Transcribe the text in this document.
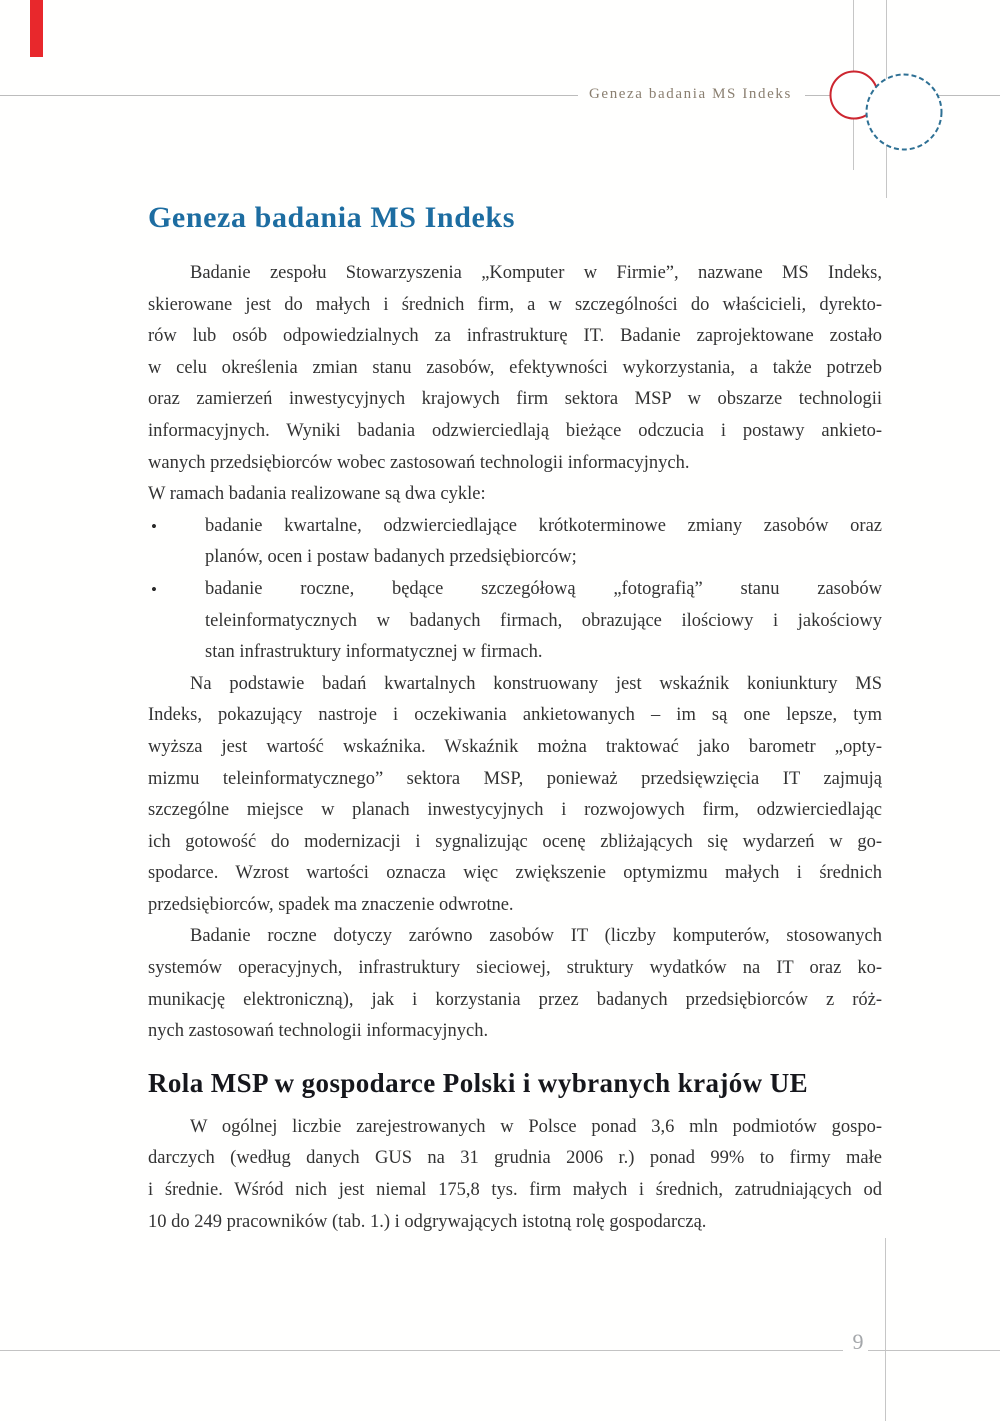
Geneza badania MS Indeks
Geneza badania MS Indeks
Badanie zespołu Stowarzyszenia „Komputer w Firmie”, nazwane MS Indeks,
skierowane jest do małych i średnich firm, a w szczególności do właścicieli, dyrekto-
rów lub osób odpowiedzialnych za infrastrukturę IT. Badanie zaprojektowane zostało
w celu określenia zmian stanu zasobów, efektywności wykorzystania, a także potrzeb
oraz zamierzeń inwestycyjnych krajowych firm sektora MSP w obszarze technologii
informacyjnych. Wyniki badania odzwierciedlają bieżące odczucia i postawy ankieto-
wanych przedsiębiorców wobec zastosowań technologii informacyjnych.
W ramach badania realizowane są dwa cykle:
•	badanie kwartalne, odzwierciedlające krótkoterminowe zmiany zasobów oraz
planów, ocen i postaw badanych przedsiębiorców;
•	badanie roczne, będące szczegółową „fotografią” stanu zasobów
teleinformatycznych w badanych firmach, obrazujące ilościowy i jakościowy
stan infrastruktury informatycznej w firmach.
Na podstawie badań kwartalnych konstruowany jest wskaźnik koniunktury MS
Indeks, pokazujący nastroje i oczekiwania ankietowanych – im są one lepsze, tym
wyższa jest wartość wskaźnika. Wskaźnik można traktować jako barometr „opty-
mizmu teleinformatycznego” sektora MSP, ponieważ przedsięwzięcia IT zajmują
szczególne miejsce w planach inwestycyjnych i rozwojowych firm, odzwierciedlając
ich gotowość do modernizacji i sygnalizując ocenę zbliżających się wydarzeń w go-
spodarce. Wzrost wartości oznacza więc zwiększenie optymizmu małych i średnich
przedsiębiorców, spadek ma znaczenie odwrotne.
Badanie roczne dotyczy zarówno zasobów IT (liczby komputerów, stosowanych
systemów operacyjnych, infrastruktury sieciowej, struktury wydatków na IT oraz ko-
munikację elektroniczną), jak i korzystania przez badanych przedsiębiorców z róż-
nych zastosowań technologii informacyjnych.
Rola MSP w gospodarce Polski i wybranych krajów UE
W ogólnej liczbie zarejestrowanych w Polsce ponad 3,6 mln podmiotów gospo-
darczych (według danych GUS na 31 grudnia 2006 r.) ponad 99% to firmy małe
i średnie. Wśród nich jest niemal 175,8 tys. firm małych i średnich, zatrudniających od
10 do 249 pracowników (tab. 1.) i odgrywających istotną rolę gospodarczą.
9
